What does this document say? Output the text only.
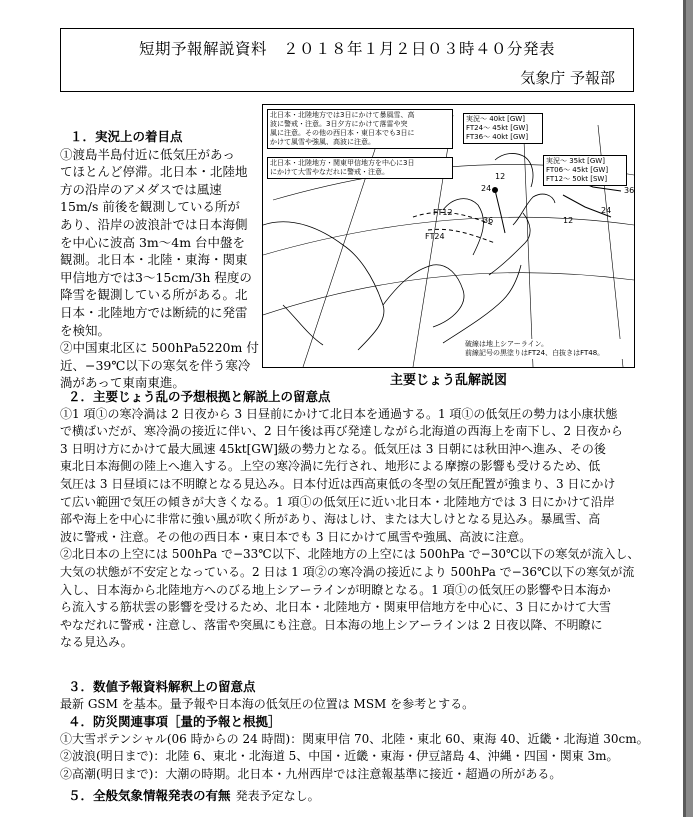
短期予報解説資料　２０１８年１月２日０３時４０分発表
気象庁 予報部
１．実況上の着目点
①渡島半島付近に低気圧があっ
てほとんど停滞。北日本・北陸地
方の沿岸のアメダスでは風速
15m/s 前後を観測している所が
あり、沿岸の波浪計では日本海側
を中心に波高 3m〜4m 台中盤を
観測。北日本・北陸・東海・関東
甲信地方では3〜15cm/3h 程度の
降雪を観測している所がある。北
日本・北陸地方では断続的に発雷
を検知。
②中国東北区に 500hPa5220m 付
近、−39℃以下の寒気を伴う寒冷
渦があって東南東進。
FT12
FT24
24
36
12
36
12
24
北日本・北陸地方では3日にかけて暴風雪、高
波に警戒・注意。3日夕方にかけて落雷や突
風に注意。その他の西日本・東日本でも3日に
かけて風雪や強風、高波に注意。
北日本・北陸地方・関東甲信地方を中心に3日
にかけて大雪やなだれに警戒・注意。
実況〜 40kt [GW]
FT24〜 45kt [GW]
FT36〜 40kt [GW]
実況〜 35kt [GW]
FT06〜 45kt [GW]
FT12〜 50kt [SW]
破線は地上シアーライン。
前線記号の黒塗りはFT24、白抜きはFT48。
主要じょう乱解説図
２．主要じょう乱の予想根拠と解説上の留意点
①1 項①の寒冷渦は 2 日夜から 3 日昼前にかけて北日本を通過する。1 項①の低気圧の勢力は小康状態
で横ばいだが、寒冷渦の接近に伴い、2 日午後は再び発達しながら北海道の西海上を南下し、2 日夜から
3 日明け方にかけて最大風速 45kt[GW]級の勢力となる。低気圧は 3 日朝には秋田沖へ進み、その後
東北日本海側の陸上へ進入する。上空の寒冷渦に先行され、地形による摩擦の影響も受けるため、低
気圧は 3 日昼頃には不明瞭となる見込み。日本付近は西高東低の冬型の気圧配置が強まり、3 日にかけ
て広い範囲で気圧の傾きが大きくなる。1 項①の低気圧に近い北日本・北陸地方では 3 日にかけて沿岸
部や海上を中心に非常に強い風が吹く所があり、海はしけ、または大しけとなる見込み。暴風雪、高
波に警戒・注意。その他の西日本・東日本でも 3 日にかけて風雪や強風、高波に注意。
②北日本の上空には 500hPa で−33℃以下、北陸地方の上空には 500hPa で−30℃以下の寒気が流入し、
大気の状態が不安定となっている。2 日は 1 項②の寒冷渦の接近により 500hPa で−36℃以下の寒気が流
入し、日本海から北陸地方へのびる地上シアーラインが明瞭となる。1 項①の低気圧の影響や日本海か
ら流入する筋状雲の影響を受けるため、北日本・北陸地方・関東甲信地方を中心に、3 日にかけて大雪
やなだれに警戒・注意し、落雷や突風にも注意。日本海の地上シアーラインは 2 日夜以降、不明瞭に
なる見込み。
３．数値予報資料解釈上の留意点
最新 GSM を基本。量予報や日本海の低気圧の位置は MSM を参考とする。
４．防災関連事項［量的予報と根拠］
①大雪ポテンシャル(06 時からの 24 時間)：関東甲信 70、北陸・東北 60、東海 40、近畿・北海道 30cm。
②波浪(明日まで)：北陸 6、東北・北海道 5、中国・近畿・東海・伊豆諸島 4、沖縄・四国・関東 3m。
②高潮(明日まで)：大潮の時期。北日本・九州西岸では注意報基準に接近・超過の所がある。
５．全般気象情報発表の有無 発表予定なし。
